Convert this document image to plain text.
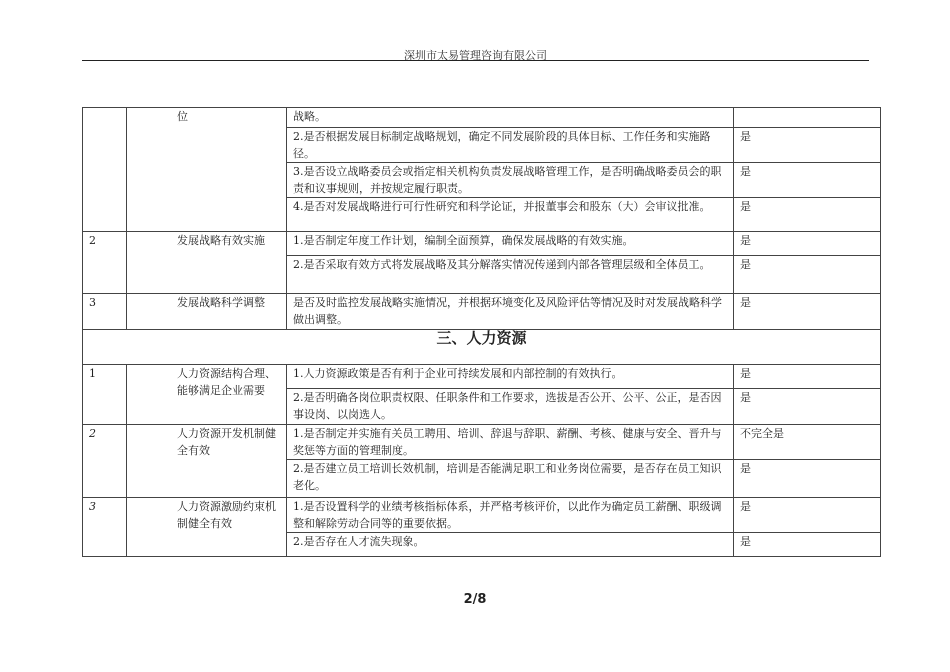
深圳市太易管理咨询有限公司
	位	战略。	
		2.是否根据发展目标制定战略规划，确定不同发展阶段的具体目标、工作任务和实施路径。	是
		3.是否设立战略委员会或指定相关机构负责发展战略管理工作，是否明确战略委员会的职责和议事规则，并按规定履行职责。	是
		4.是否对发展战略进行可行性研究和科学论证，并报董事会和股东（大）会审议批准。	是
2	发展战略有效实施	1.是否制定年度工作计划，编制全面预算，确保发展战略的有效实施。	是
		2.是否采取有效方式将发展战略及其分解落实情况传递到内部各管理层级和全体员工。	是
3	发展战略科学调整	是否及时监控发展战略实施情况，并根据环境变化及风险评估等情况及时对发展战略科学做出调整。	是
三、人力资源			
1	人力资源结构合理、能够满足企业需要	1.人力资源政策是否有利于企业可持续发展和内部控制的有效执行。	是
		2.是否明确各岗位职责权限、任职条件和工作要求，选拔是否公开、公平、公正，是否因事设岗、以岗选人。	是
2	人力资源开发机制健全有效	1.是否制定并实施有关员工聘用、培训、辞退与辞职、薪酬、考核、健康与安全、晋升与奖惩等方面的管理制度。	不完全是
		2.是否建立员工培训长效机制，培训是否能满足职工和业务岗位需要，是否存在员工知识老化。	是
3	人力资源激励约束机制健全有效	1.是否设置科学的业绩考核指标体系，并严格考核评价，以此作为确定员工薪酬、职级调整和解除劳动合同等的重要依据。	是
		2.是否存在人才流失现象。	是
2/8
